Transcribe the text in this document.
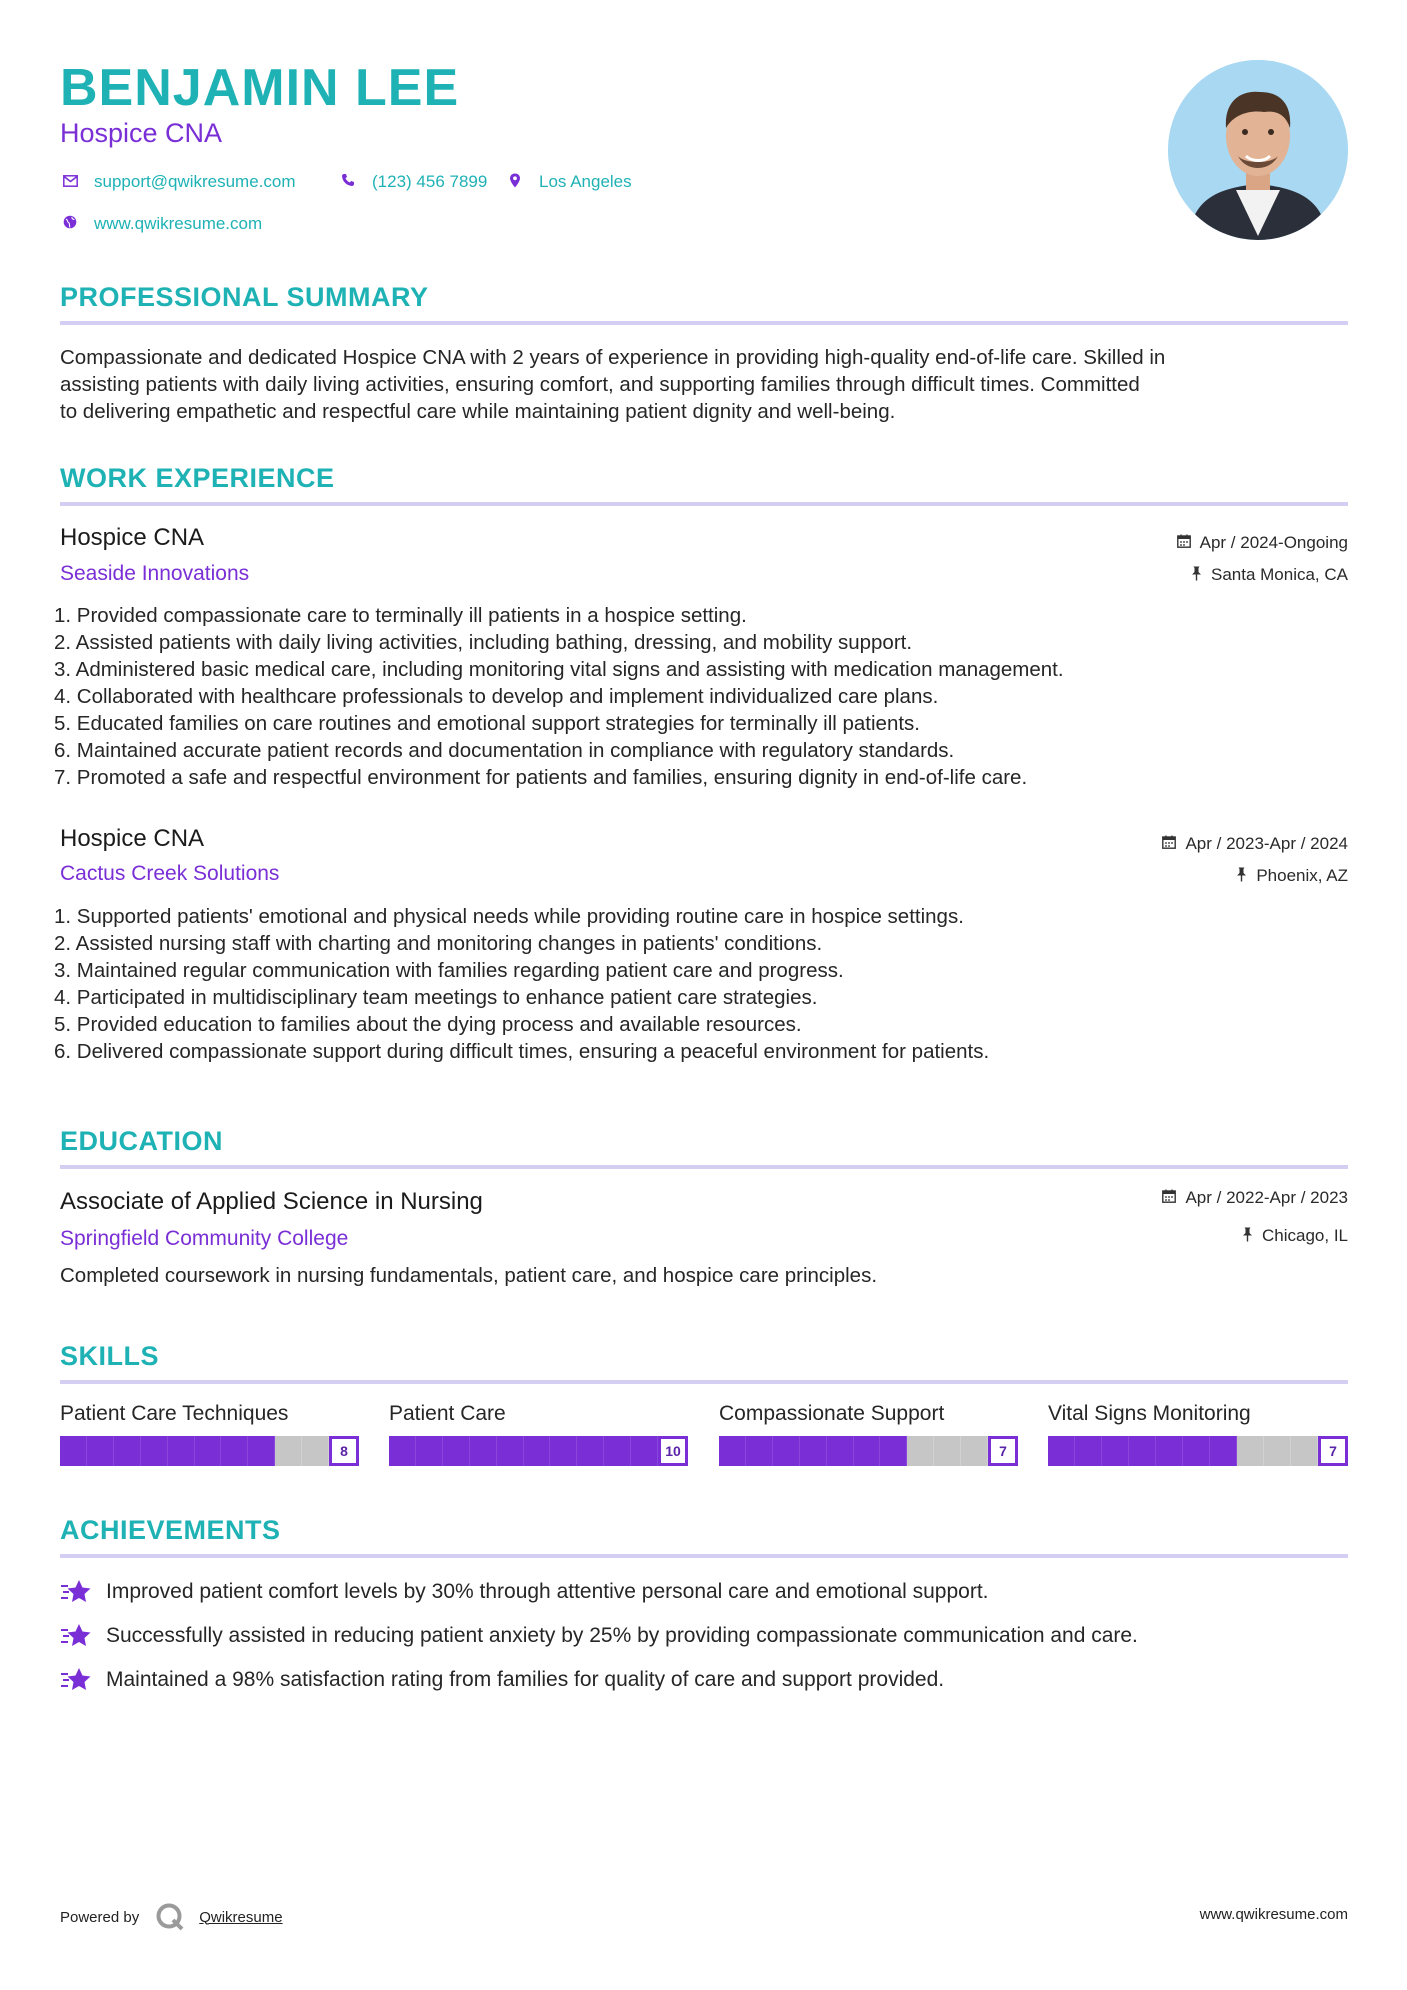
BENJAMIN LEE
Hospice CNA
support@qwikresume.com	(123) 456 7899	Los Angeles
www.qwikresume.com
PROFESSIONAL SUMMARY
Compassionate and dedicated Hospice CNA with 2 years of experience in providing high-quality end-of-life care. Skilled in
assisting patients with daily living activities, ensuring comfort, and supporting families through difficult times. Committed
to delivering empathetic and respectful care while maintaining patient dignity and well-being.
WORK EXPERIENCE
Hospice CNA
Seaside Innovations
Apr / 2024-Ongoing
Santa Monica, CA
1. Provided compassionate care to terminally ill patients in a hospice setting.
2. Assisted patients with daily living activities, including bathing, dressing, and mobility support.
3. Administered basic medical care, including monitoring vital signs and assisting with medication management.
4. Collaborated with healthcare professionals to develop and implement individualized care plans.
5. Educated families on care routines and emotional support strategies for terminally ill patients.
6. Maintained accurate patient records and documentation in compliance with regulatory standards.
7. Promoted a safe and respectful environment for patients and families, ensuring dignity in end-of-life care.
Hospice CNA
Cactus Creek Solutions
Apr / 2023-Apr / 2024
Phoenix, AZ
1. Supported patients' emotional and physical needs while providing routine care in hospice settings.
2. Assisted nursing staff with charting and monitoring changes in patients' conditions.
3. Maintained regular communication with families regarding patient care and progress.
4. Participated in multidisciplinary team meetings to enhance patient care strategies.
5. Provided education to families about the dying process and available resources.
6. Delivered compassionate support during difficult times, ensuring a peaceful environment for patients.
EDUCATION
Associate of Applied Science in Nursing
Springfield Community College
Apr / 2022-Apr / 2023
Chicago, IL
Completed coursework in nursing fundamentals, patient care, and hospice care principles.
SKILLS
Patient Care Techniques
8
Patient Care
10
Compassionate Support
7
Vital Signs Monitoring
7
ACHIEVEMENTS
Improved patient comfort levels by 30% through attentive personal care and emotional support.
Successfully assisted in reducing patient anxiety by 25% by providing compassionate communication and care.
Maintained a 98% satisfaction rating from families for quality of care and support provided.
Powered by	Qwikresume	www.qwikresume.com
